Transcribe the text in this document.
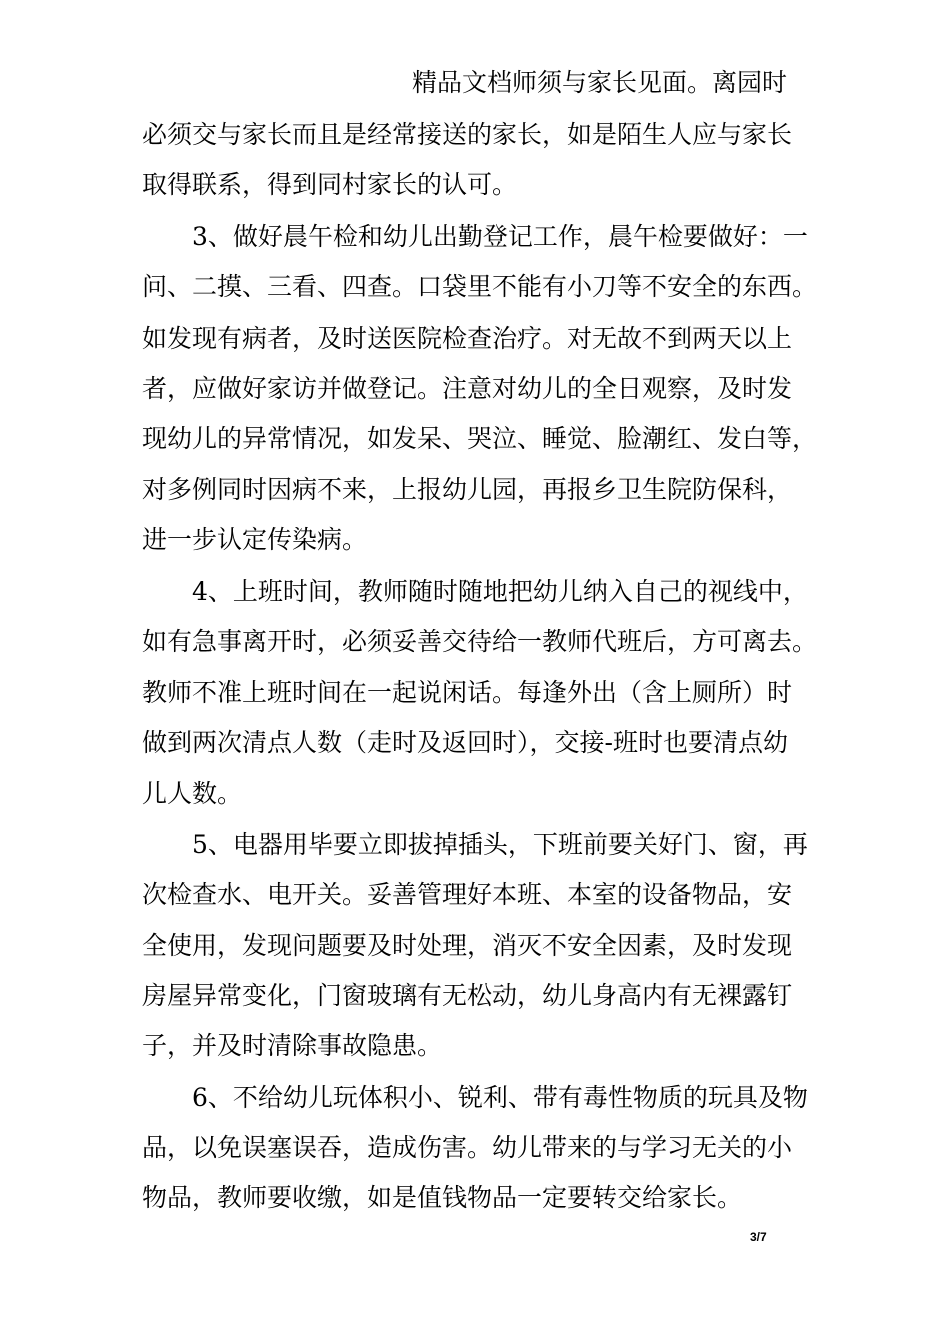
精品文档师须与家长见面。离园时
必须交与家长而且是经常接送的家长，如是陌生人应与家长
取得联系，得到同村家长的认可。
3、做好晨午检和幼儿出勤登记工作，晨午检要做好：一
问、二摸、三看、四查。口袋里不能有小刀等不安全的东西。
如发现有病者，及时送医院检查治疗。对无故不到两天以上
者，应做好家访并做登记。注意对幼儿的全日观察，及时发
现幼儿的异常情况，如发呆、哭泣、睡觉、脸潮红、发白等，
对多例同时因病不来，上报幼儿园，再报乡卫生院防保科，
进一步认定传染病。
4、上班时间，教师随时随地把幼儿纳入自己的视线中，
如有急事离开时，必须妥善交待给一教师代班后，方可离去。
教师不准上班时间在一起说闲话。每逢外出（含上厕所）时
做到两次清点人数（走时及返回时），交接-班时也要清点幼
儿人数。
5、电器用毕要立即拔掉插头，下班前要关好门、窗，再
次检查水、电开关。妥善管理好本班、本室的设备物品，安
全使用，发现问题要及时处理，消灭不安全因素，及时发现
房屋异常变化，门窗玻璃有无松动，幼儿身高内有无裸露钉
子，并及时清除事故隐患。
6、不给幼儿玩体积小、锐利、带有毒性物质的玩具及物
品，以免误塞误吞，造成伤害。幼儿带来的与学习无关的小
物品，教师要收缴，如是值钱物品一定要转交给家长。
3/7
